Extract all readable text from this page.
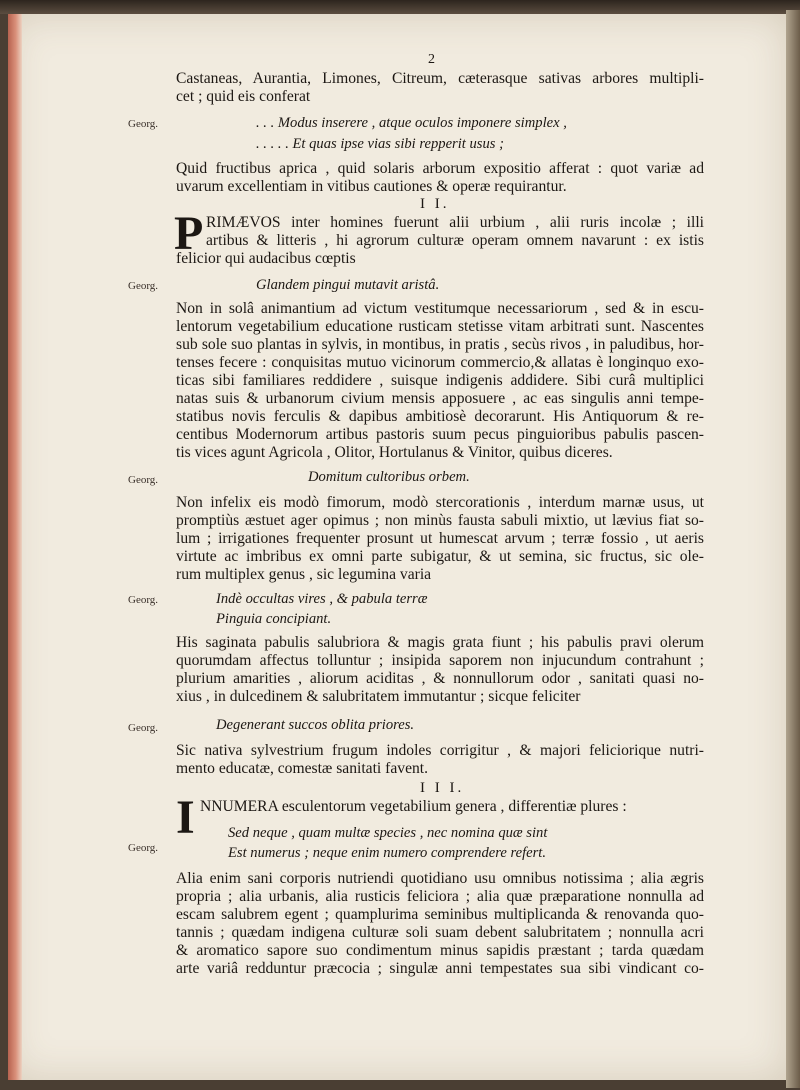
2
Castaneas, Aurantia, Limones, Citreum, cæterasque sativas arbores multipli-
cet ; quid eis conferat
Georg.	. . . Modus inserere , atque oculos imponere simplex ,
. . . . . Et quas ipse vias sibi repperit usus ;
Quid fructibus aprica , quid solaris arborum expositio afferat : quot variæ ad
uvarum excellentiam in vitibus cautiones & operæ requirantur.
I I.
P RIMÆVOS inter homines fuerunt alii urbium , alii ruris incolæ ; illi
artibus & litteris , hi agrorum culturæ operam omnem navarunt : ex istis
felicior qui audacibus cœptis
Georg.	Glandem pingui mutavit aristâ.
Non in solâ animantium ad victum vestitumque necessariorum , sed & in escu-
lentorum vegetabilium educatione rusticam stetisse vitam arbitrati sunt. Nascentes
sub sole suo plantas in sylvis, in montibus, in pratis , secùs rivos , in paludibus, hor-
tenses fecere : conquisitas mutuo vicinorum commercio,& allatas è longinquo exo-
ticas sibi familiares reddidere , suisque indigenis addidere. Sibi curâ multiplici
natas suis & urbanorum civium mensis apposuere , ac eas singulis anni tempe-
statibus novis ferculis & dapibus ambitiosè decorarunt. His Antiquorum & re-
centibus Modernorum artibus pastoris suum pecus pinguioribus pabulis pascen-
tis vices agunt Agricola , Olitor, Hortulanus & Vinitor, quibus diceres.
Georg.	Domitum cultoribus orbem.
Non infelix eis modò fimorum, modò stercorationis , interdum marnæ usus, ut
promptiùs æstuet ager opimus ; non minùs fausta sabuli mixtio, ut lævius fiat so-
lum ; irrigationes frequenter prosunt ut humescat arvum ; terræ fossio , ut aeris
virtute ac imbribus ex omni parte subigatur, & ut semina, sic fructus, sic ole-
rum multiplex genus , sic legumina varia
Georg.	Indè occultas vires , & pabula terræ
Pinguia concipiant.
His saginata pabulis salubriora & magis grata fiunt ; his pabulis pravi olerum
quorumdam affectus tolluntur ; insipida saporem non injucundum contrahunt ;
plurium amarities , aliorum aciditas , & nonnullorum odor , sanitati quasi no-
xius , in dulcedinem & salubritatem immutantur ; sicque feliciter
Georg.	Degenerant succos oblita priores.
Sic nativa sylvestrium frugum indoles corrigitur , & majori feliciorique nutri-
mento educatæ, comestæ sanitati favent.
I I I.
I NNUMERA esculentorum vegetabilium genera , differentiæ plures :
Georg.
Sed neque , quam multæ species , nec nomina quæ sint
Est numerus ; neque enim numero comprendere refert.
Alia enim sani corporis nutriendi quotidiano usu omnibus notissima ; alia ægris
propria ; alia urbanis, alia rusticis feliciora ; alia quæ præparatione nonnulla ad
escam salubrem egent ; quamplurima seminibus multiplicanda & renovanda quo-
tannis ; quædam indigena culturæ soli suam debent salubritatem ; nonnulla acri
& aromatico sapore suo condimentum minus sapidis præstant ; tarda quædam
arte variâ redduntur præcocia ; singulæ anni tempestates sua sibi vindicant co-
